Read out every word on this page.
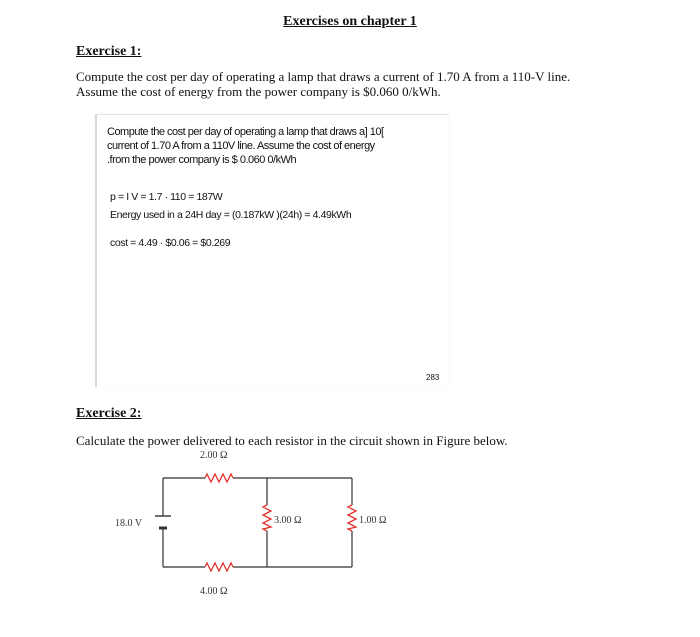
Exercises on chapter 1
Exercise 1:
Compute the cost per day of operating a lamp that draws a current of 1.70 A from a 110-V line.
Assume the cost of energy from the power company is $0.060 0/kWh.
Compute the cost per day of operating a lamp that draws a] 10[
current of 1.70 A from a 110V line. Assume the cost of energy
.from the power company is $ 0.060 0/kWh
p = I V = 1.7 · 110 = 187W
Energy used in a 24H day = (0.187kW )(24h) = 4.49kWh
cost = 4.49 · $0.06 = $0.269
283
Exercise 2:
Calculate the power delivered to each resistor in the circuit shown in Figure below.
2.00 Ω
4.00 Ω
3.00 Ω	1.00 Ω
18.0 V
